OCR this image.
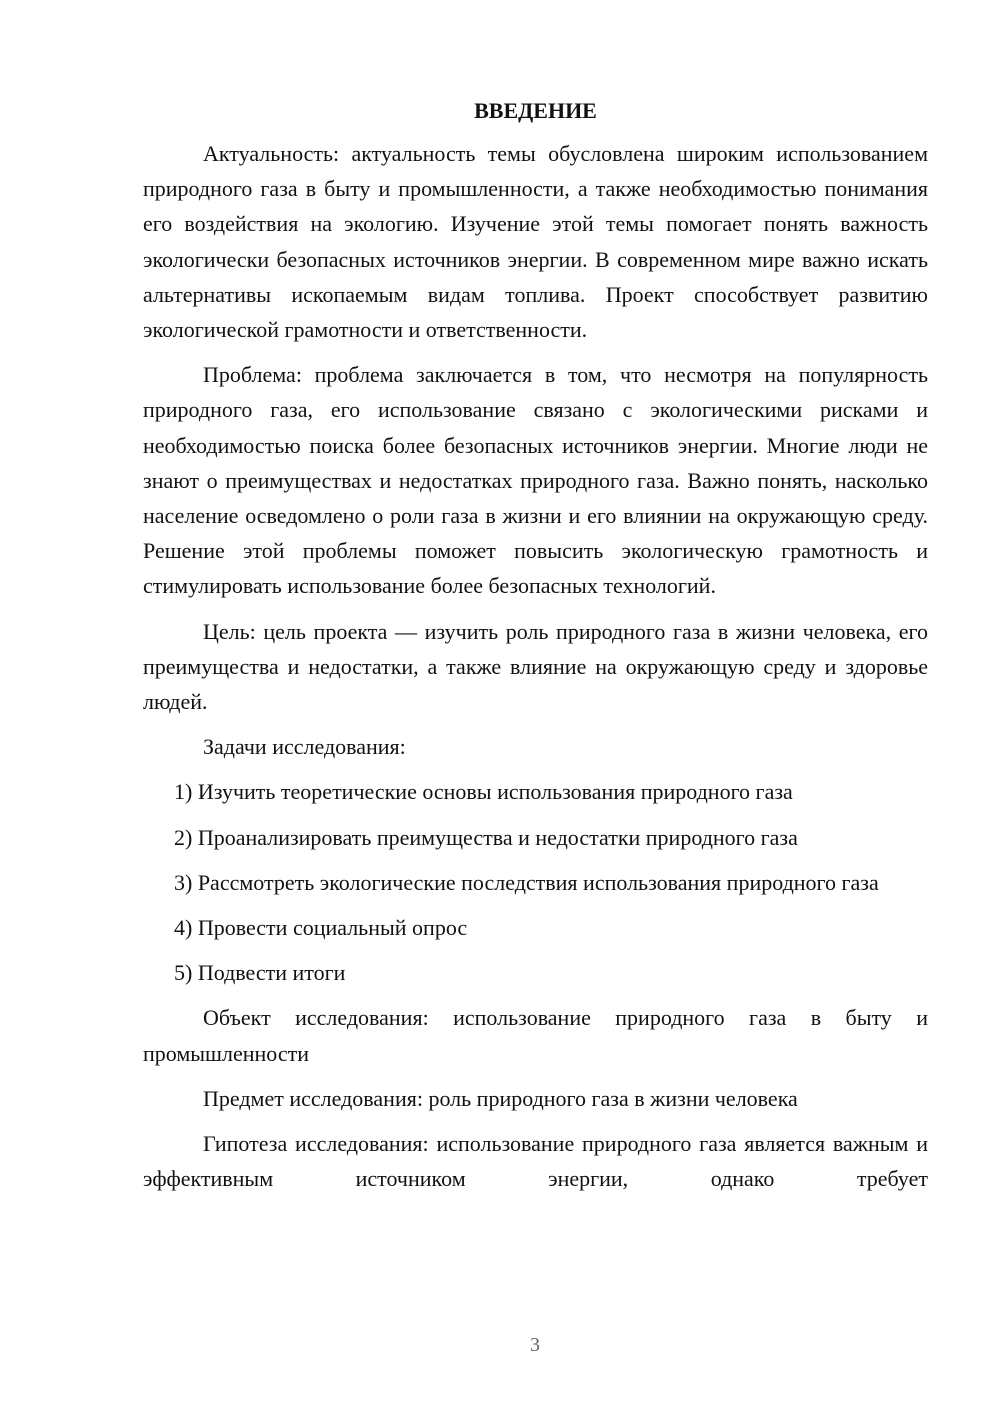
ВВЕДЕНИЕ

Актуальность: актуальность темы обусловлена широким использованием природного газа в быту и промышленности, а также необходимостью понимания его воздействия на экологию. Изучение этой темы помогает понять важность экологически безопасных источников энергии. В современном мире важно искать альтернативы ископаемым видам топлива. Проект способствует развитию экологической грамотности и ответственности.

Проблема: проблема заключается в том, что несмотря на популярность природного газа, его использование связано с экологическими рисками и необходимостью поиска более безопасных источников энергии. Многие люди не знают о преимуществах и недостатках природного газа. Важно понять, насколько население осведомлено о роли газа в жизни и его влиянии на окружающую среду. Решение этой проблемы поможет повысить экологическую грамотность и стимулировать использование более безопасных технологий.

Цель: цель проекта — изучить роль природного газа в жизни человека, его преимущества и недостатки, а также влияние на окружающую среду и здоровье людей.

Задачи исследования:

1) Изучить теоретические основы использования природного газа

2) Проанализировать преимущества и недостатки природного газа

3) Рассмотреть экологические последствия использования природного газа

4) Провести социальный опрос

5) Подвести итоги

Объект исследования: использование природного газа в быту и промышленности

Предмет исследования: роль природного газа в жизни человека

Гипотеза исследования: использование природного газа является важным и эффективным источником энергии, однако требует

3
